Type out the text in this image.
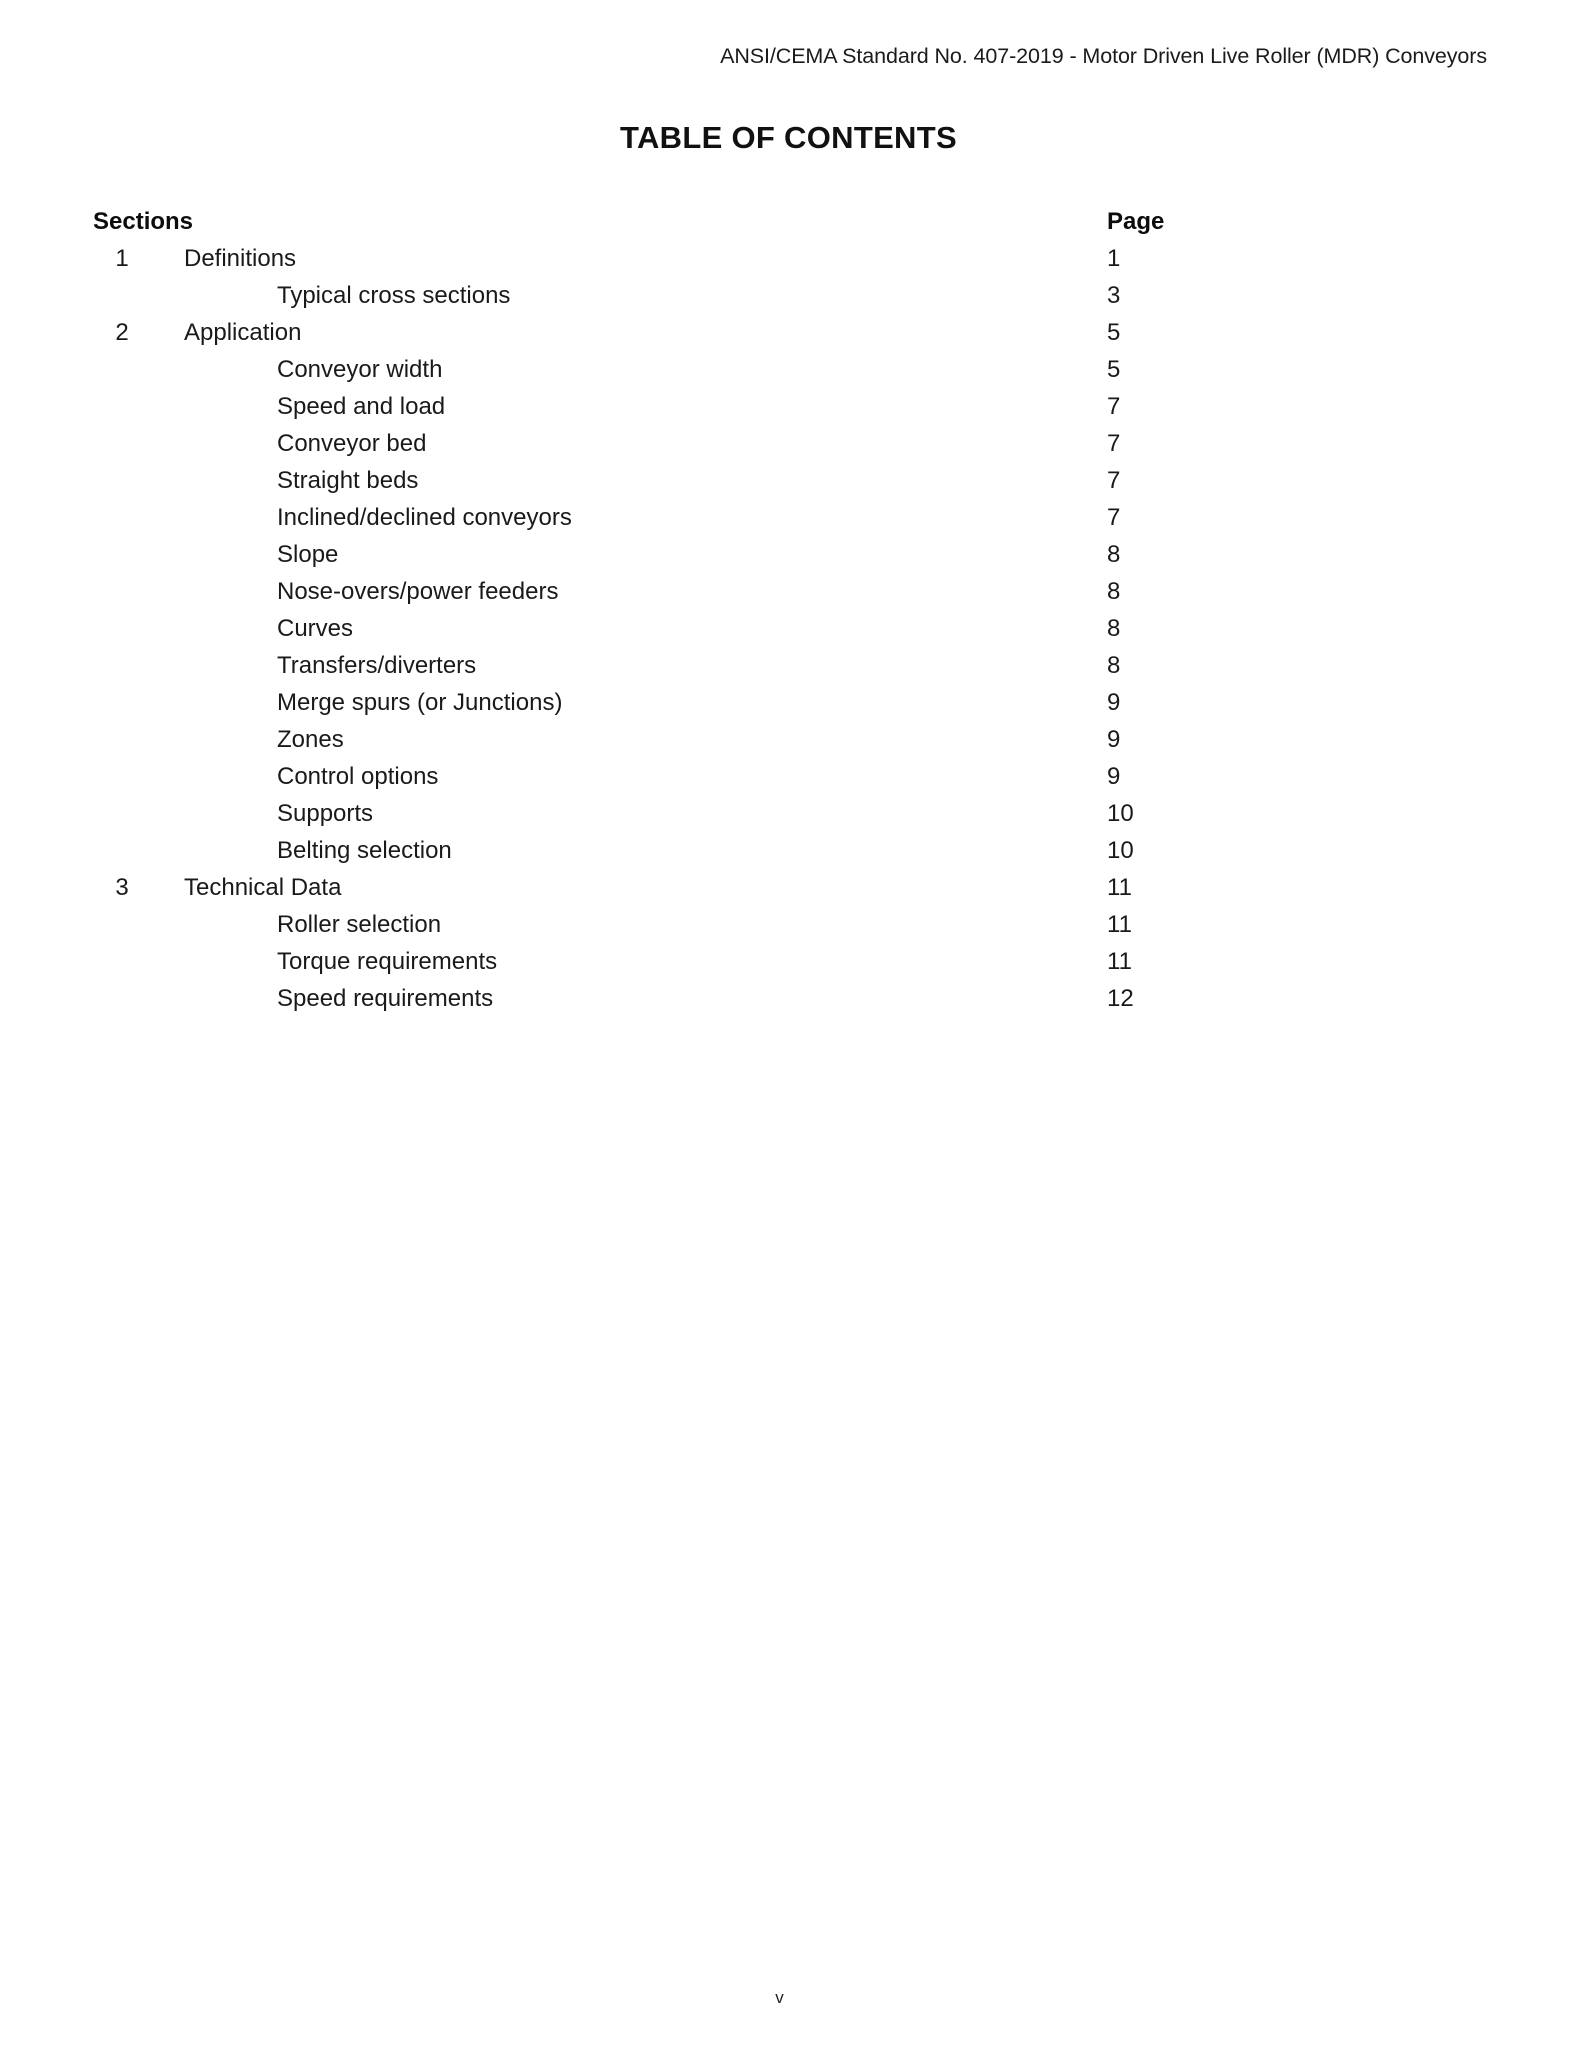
ANSI/CEMA Standard No. 407-2019 - Motor Driven Live Roller (MDR) Conveyors
TABLE OF CONTENTS
Sections	Page
1	Definitions	1
Typical cross sections	3
2	Application	5
Conveyor width	5
Speed and load	7
Conveyor bed	7
Straight beds	7
Inclined/declined conveyors	7
Slope	8
Nose-overs/power feeders	8
Curves	8
Transfers/diverters	8
Merge spurs (or Junctions)	9
Zones	9
Control options	9
Supports	10
Belting selection	10
3	Technical Data	11
Roller selection	11
Torque requirements	11
Speed requirements	12
v
